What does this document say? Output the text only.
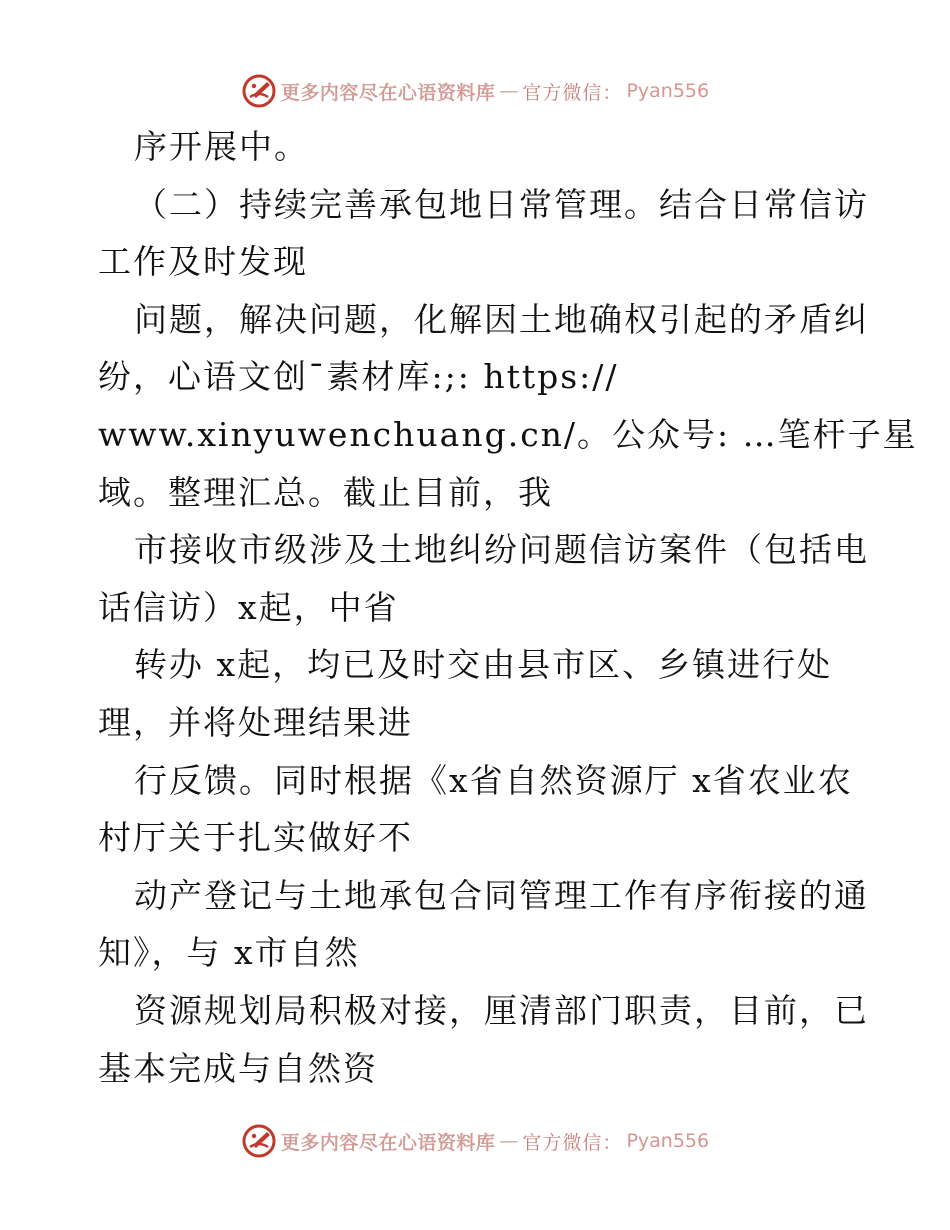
更多内容尽在心语资料库 — 官方微信： Pyan556
序开展中。
（二）持续完善承包地日常管理。结合日常信访
工作及时发现
问题，解决问题，化解因土地确权引起的矛盾纠
纷，心语文创¯素材库:;: https://
www.xinyuwenchuang.cn/。公众号: …笔杆子星
域。整理汇总。截止目前，我
市接收市级涉及土地纠纷问题信访案件（包括电
话信访）x起，中省
转办 x起，均已及时交由县市区、乡镇进行处
理，并将处理结果进
行反馈。同时根据《x省自然资源厅 x省农业农
村厅关于扎实做好不
动产登记与土地承包合同管理工作有序衔接的通
知》，与 x市自然
资源规划局积极对接，厘清部门职责，目前，已
基本完成与自然资
更多内容尽在心语资料库 — 官方微信： Pyan556
